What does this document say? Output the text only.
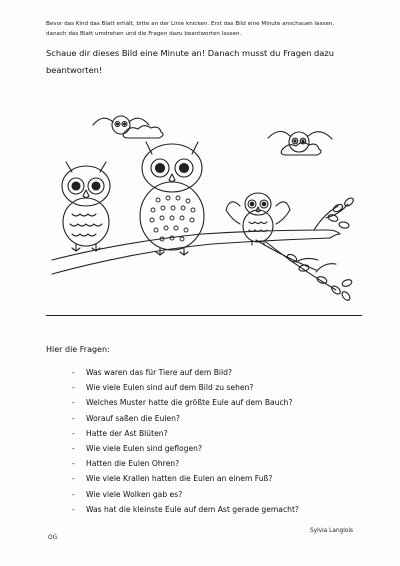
Bevor das Kind das Blatt erhält, bitte an der Linie knicken. Erst das Bild eine Minute anschauen lassen, danach das Blatt umdrehen und die Fragen dazu beantworten lassen.
Schaue dir dieses Bild eine Minute an! Danach musst du Fragen dazu beantworten!
Hier die Fragen:
- Was waren das für Tiere auf dem Bild?
- Wie viele Eulen sind auf dem Bild zu sehen?
- Welches Muster hatte die größte Eule auf dem Bauch?
- Worauf saßen die Eulen?
- Hatte der Ast Blüten?
- Wie viele Eulen sind geflogen?
- Hatten die Eulen Ohren?
- Wie viele Krallen hatten die Eulen an einem Fuß?
- Wie viele Wolken gab es?
- Was hat die kleinste Eule auf dem Ast gerade gemacht?
Sylvia Langlois
OG
